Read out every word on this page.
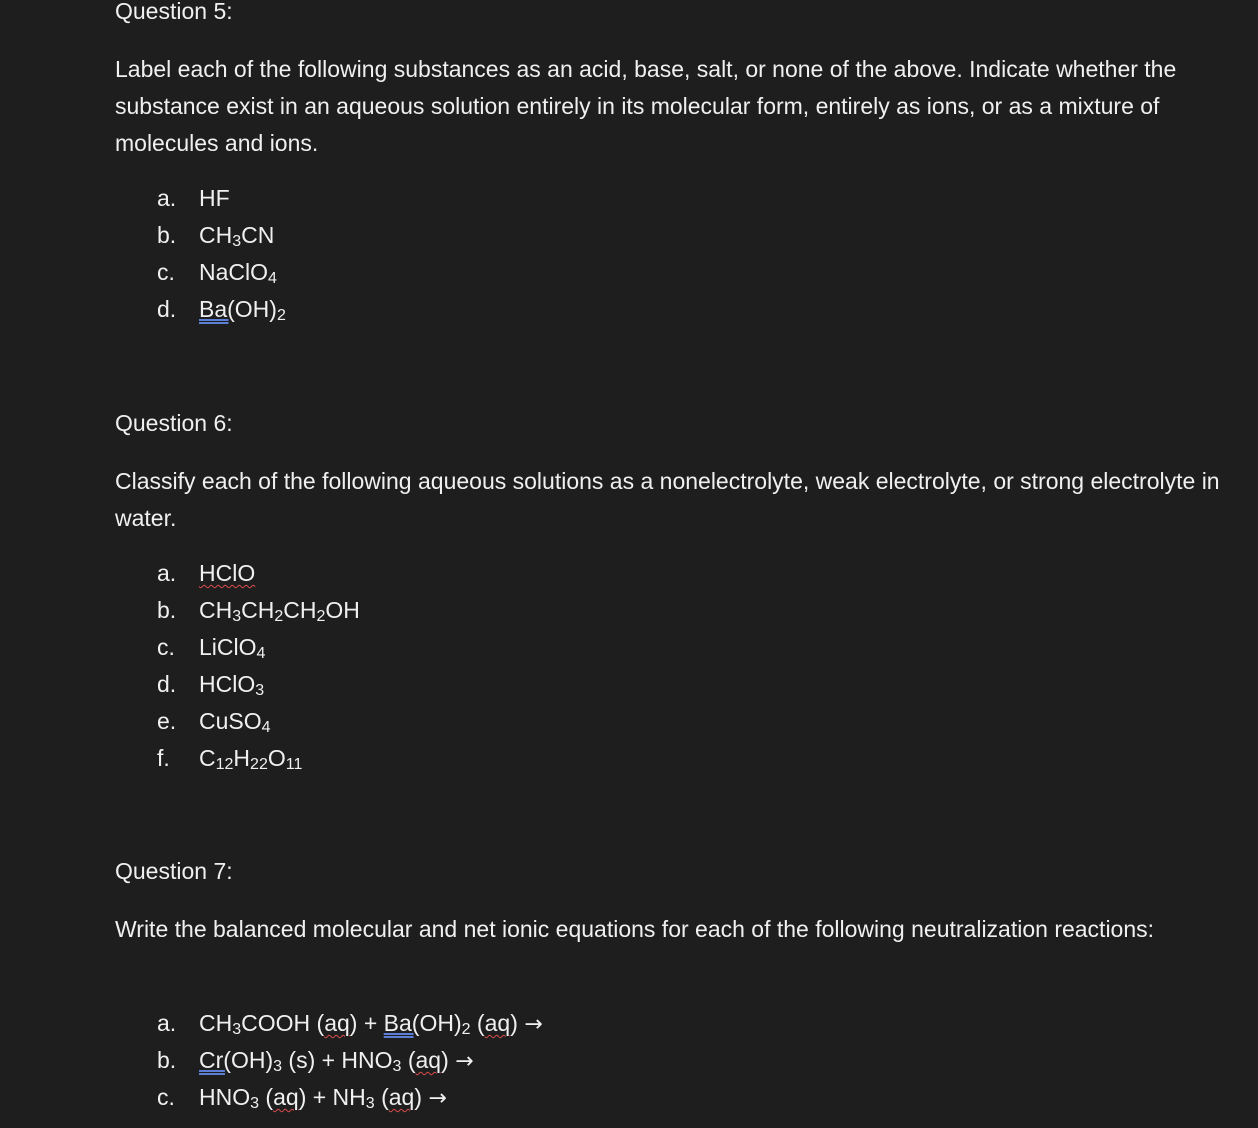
Question 5:
Label each of the following substances as an acid, base, salt, or none of the above. Indicate whether the substance exist in an aqueous solution entirely in its molecular form, entirely as ions, or as a mixture of molecules and ions.
a. HF
b. $CH_3CN$
c. NaClO$_4$
d. $Ba(OH)_2$
Question 6:
Classify each of the following aqueous solutions as a nonelectrolyte, weak electrolyte, or strong electrolyte in water.
a. HClO
b. $CH_3CH_2CH_2OH$
c. LiClO$_4$
d. HClO$_3$
e. CuSO$_4$
f. $C_{12}H_{22}O_{11}$
Question 7:
Write the balanced molecular and net ionic equations for each of the following neutralization reactions:
a. $CH_3COOH$ $(aq) + Ba(OH)_2$ (aq) →
b. $Cr(OH)_3$ $(s) + HNO_3$ (aq) →
c. $HNO_3$ $(aq) + NH_3$ (aq) →
